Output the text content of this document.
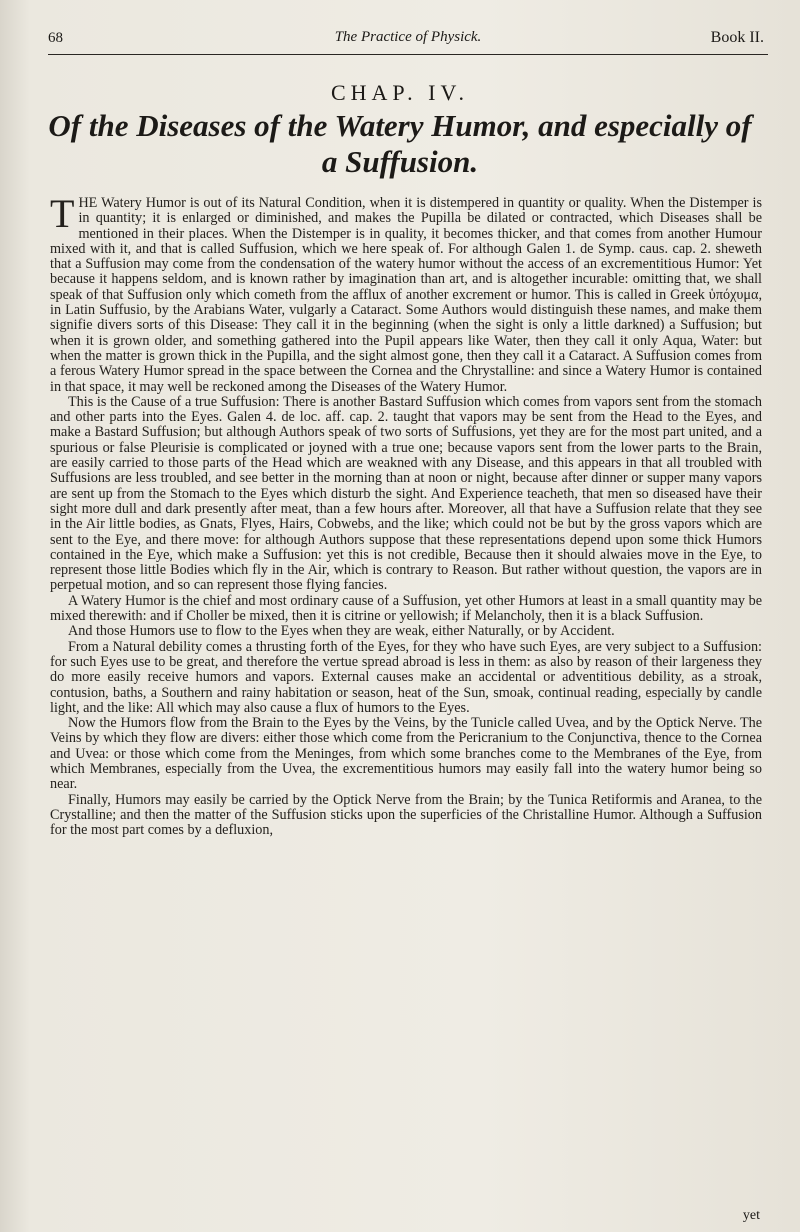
68	The Practice of Physick.	Book II.
CHAP. IV.
Of the Diseases of the Watery Humor, and especially of a Suffusion.

THE Watery Humor is out of its Natural Condition, when it is distempered in quantity or quality. When the Distemper is in quantity; it is enlarged or diminished, and makes the Pupilla be dilated or contracted, which Diseases shall be mentioned in their places. When the Distemper is in quality, it becomes thicker, and that comes from another Humour mixed with it, and that is called Suffusion, which we here speak of. For although Galen 1. de Symp. caus. cap. 2. sheweth that a Suffusion may come from the condensation of the watery humor without the access of an excrementitious Humor: Yet because it happens seldom, and is known rather by imagination than art, and is altogether incurable: omitting that, we shall speak of that Suffusion only which cometh from the afflux of another excrement or humor. This is called in Greek ὑπόχυμα, in Latin Suffusio, by the Arabians Water, vulgarly a Cataract. Some Authors would distinguish these names, and make them signifie divers sorts of this Disease: They call it in the beginning (when the sight is only a little darkned) a Suffusion; but when it is grown older, and something gathered into the Pupil appears like Water, then they call it only Aqua, Water: but when the matter is grown thick in the Pupilla, and the sight almost gone, then they call it a Cataract. A Suffusion comes from a ferous Watery Humor spread in the space between the Cornea and the Chrystalline: and since a Watery Humor is contained in that space, it may well be reckoned among the Diseases of the Watery Humor.

This is the Cause of a true Suffusion: There is another Bastard Suffusion which comes from vapors sent from the stomach and other parts into the Eyes. Galen 4. de loc. aff. cap. 2. taught that vapors may be sent from the Head to the Eyes, and make a Bastard Suffusion; but although Authors speak of two sorts of Suffusions, yet they are for the most part united, and a spurious or false Pleurisie is complicated or joyned with a true one; because vapors sent from the lower parts to the Brain, are easily carried to those parts of the Head which are weakned with any Disease, and this appears in that all troubled with Suffusions are less troubled, and see better in the morning than at noon or night, because after dinner or supper many vapors are sent up from the Stomach to the Eyes which disturb the sight. And Experience teacheth, that men so diseased have their sight more dull and dark presently after meat, than a few hours after. Moreover, all that have a Suffusion relate that they see in the Air little bodies, as Gnats, Flyes, Hairs, Cobwebs, and the like; which could not be but by the gross vapors which are sent to the Eye, and there move: for although Authors suppose that these representations depend upon some thick Humors contained in the Eye, which make a Suffusion: yet this is not credible, Because then it should alwaies move in the Eye, to represent those little Bodies which fly in the Air, which is contrary to Reason. But rather without question, the vapors are in perpetual motion, and so can represent those flying fancies.

A Watery Humor is the chief and most ordinary cause of a Suffusion, yet other Humors at least in a small quantity may be mixed therewith: and if Choller be mixed, then it is citrine or yellowish; if Melancholy, then it is a black Suffusion.

And those Humors use to flow to the Eyes when they are weak, either Naturally, or by Accident.

From a Natural debility comes a thrusting forth of the Eyes, for they who have such Eyes, are very subject to a Suffusion: for such Eyes use to be great, and therefore the vertue spread abroad is less in them: as also by reason of their largeness they do more easily receive humors and vapors. External causes make an accidental or adventitious debility, as a stroak, contusion, baths, a Southern and rainy habitation or season, heat of the Sun, smoak, continual reading, especially by candle light, and the like: All which may also cause a flux of humors to the Eyes.

Now the Humors flow from the Brain to the Eyes by the Veins, by the Tunicle called Uvea, and by the Optick Nerve. The Veins by which they flow are divers: either those which come from the Pericranium to the Conjunctiva, thence to the Cornea and Uvea: or those which come from the Meninges, from which some branches come to the Membranes of the Eye, from which Membranes, especially from the Uvea, the excrementitious humors may easily fall into the watery humor being so near.

Finally, Humors may easily be carried by the Optick Nerve from the Brain; by the Tunica Retiformis and Aranea, to the Crystalline; and then the matter of the Suffusion sticks upon the superficies of the Christalline Humor. Although a Suffusion for the most part comes by a defluxion,

yet
